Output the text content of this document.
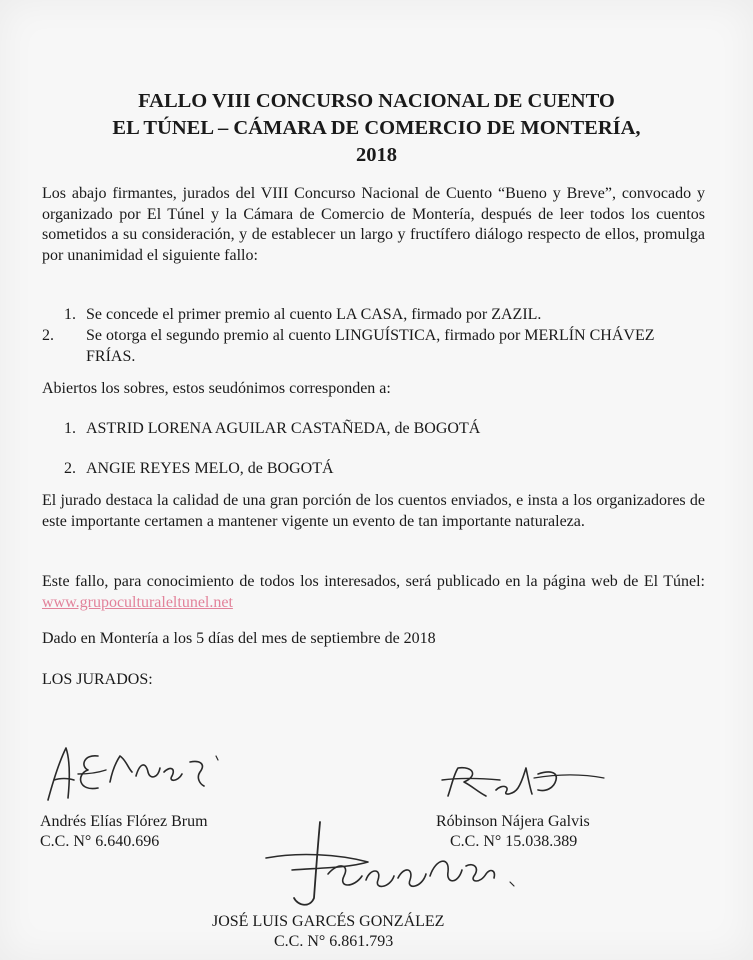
FALLO VIII CONCURSO NACIONAL DE CUENTO
EL TÚNEL – CÁMARA DE COMERCIO DE MONTERÍA,
2018

Los abajo firmantes, jurados del VIII Concurso Nacional de Cuento “Bueno y Breve”, convocado y organizado por El Túnel y la Cámara de Comercio de Montería, después de leer todos los cuentos sometidos a su consideración, y de establecer un largo y fructífero diálogo respecto de ellos, promulga por unanimidad el siguiente fallo:

1. Se concede el primer premio al cuento LA CASA, firmado por ZAZIL.
2. Se otorga el segundo premio al cuento LINGUÍSTICA, firmado por MERLÍN CHÁVEZ FRÍAS.

Abiertos los sobres, estos seudónimos corresponden a:

1. ASTRID LORENA AGUILAR CASTAÑEDA, de BOGOTÁ
2. ANGIE REYES MELO, de BOGOTÁ

El jurado destaca la calidad de una gran porción de los cuentos enviados, e insta a los organizadores de este importante certamen a mantener vigente un evento de tan importante naturaleza.

Este fallo, para conocimiento de todos los interesados, será publicado en la página web de El Túnel: www.grupoculturaleltunel.net

Dado en Montería a los 5 días del mes de septiembre de 2018

LOS JURADOS:

Andrés Elías Flórez Brum
C.C. N° 6.640.696
Róbinson Nájera Galvis
C.C. N° 15.038.389
JOSÉ LUIS GARCÉS GONZÁLEZ
C.C. N° 6.861.793
